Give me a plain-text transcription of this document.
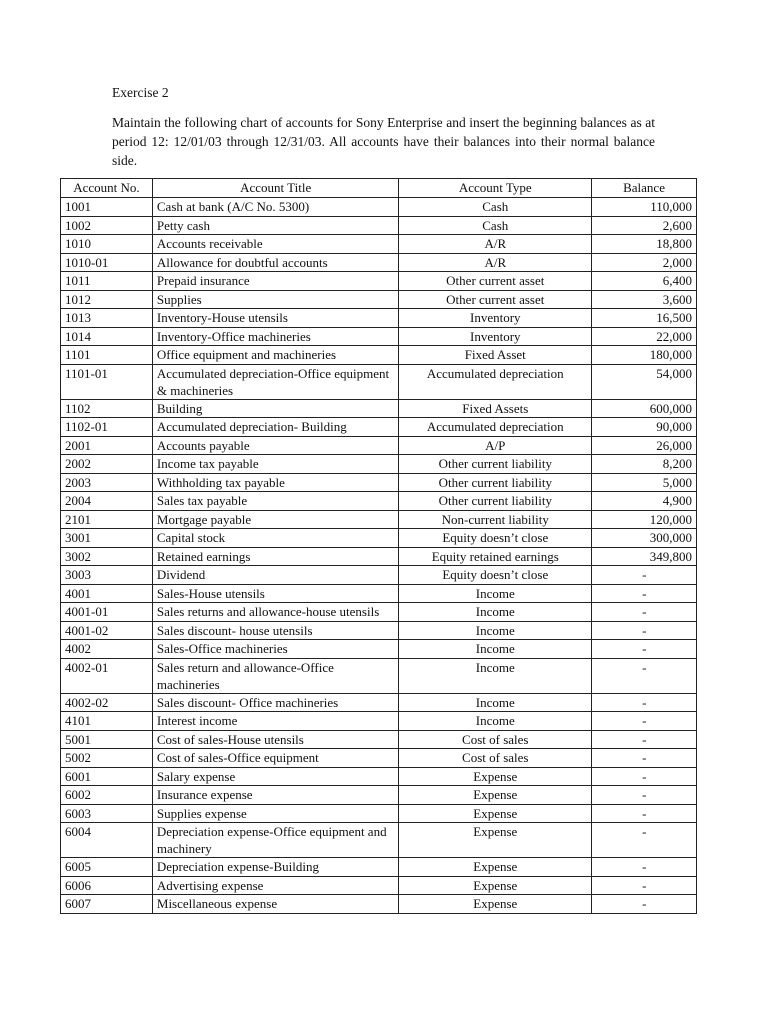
Exercise 2
Maintain the following chart of accounts for Sony Enterprise and insert the beginning balances as at period 12: 12/01/03 through 12/31/03. All accounts have their balances into their normal balance side.
Account No.	Account Title	Account Type	Balance
1001	Cash at bank (A/C No. 5300)	Cash	110,000
1002	Petty cash	Cash	2,600
1010	Accounts receivable	A/R	18,800
1010-01	Allowance for doubtful accounts	A/R	2,000
1011	Prepaid insurance	Other current asset	6,400
1012	Supplies	Other current asset	3,600
1013	Inventory-House utensils	Inventory	16,500
1014	Inventory-Office machineries	Inventory	22,000
1101	Office equipment and machineries	Fixed Asset	180,000
1101-01	Accumulated depreciation-Office equipment & machineries	Accumulated depreciation	54,000
1102	Building	Fixed Assets	600,000
1102-01	Accumulated depreciation- Building	Accumulated depreciation	90,000
2001	Accounts payable	A/P	26,000
2002	Income tax payable	Other current liability	8,200
2003	Withholding tax payable	Other current liability	5,000
2004	Sales tax payable	Other current liability	4,900
2101	Mortgage payable	Non-current liability	120,000
3001	Capital stock	Equity doesn’t close	300,000
3002	Retained earnings	Equity retained earnings	349,800
3003	Dividend	Equity doesn’t close	-
4001	Sales-House utensils	Income	-
4001-01	Sales returns and allowance-house utensils	Income	-
4001-02	Sales discount- house utensils	Income	-
4002	Sales-Office machineries	Income	-
4002-01	Sales return and allowance-Office machineries	Income	-
4002-02	Sales discount- Office machineries	Income	-
4101	Interest income	Income	-
5001	Cost of sales-House utensils	Cost of sales	-
5002	Cost of sales-Office equipment	Cost of sales	-
6001	Salary expense	Expense	-
6002	Insurance expense	Expense	-
6003	Supplies expense	Expense	-
6004	Depreciation expense-Office equipment and machinery	Expense	-
6005	Depreciation expense-Building	Expense	-
6006	Advertising expense	Expense	-
6007	Miscellaneous expense	Expense	-
